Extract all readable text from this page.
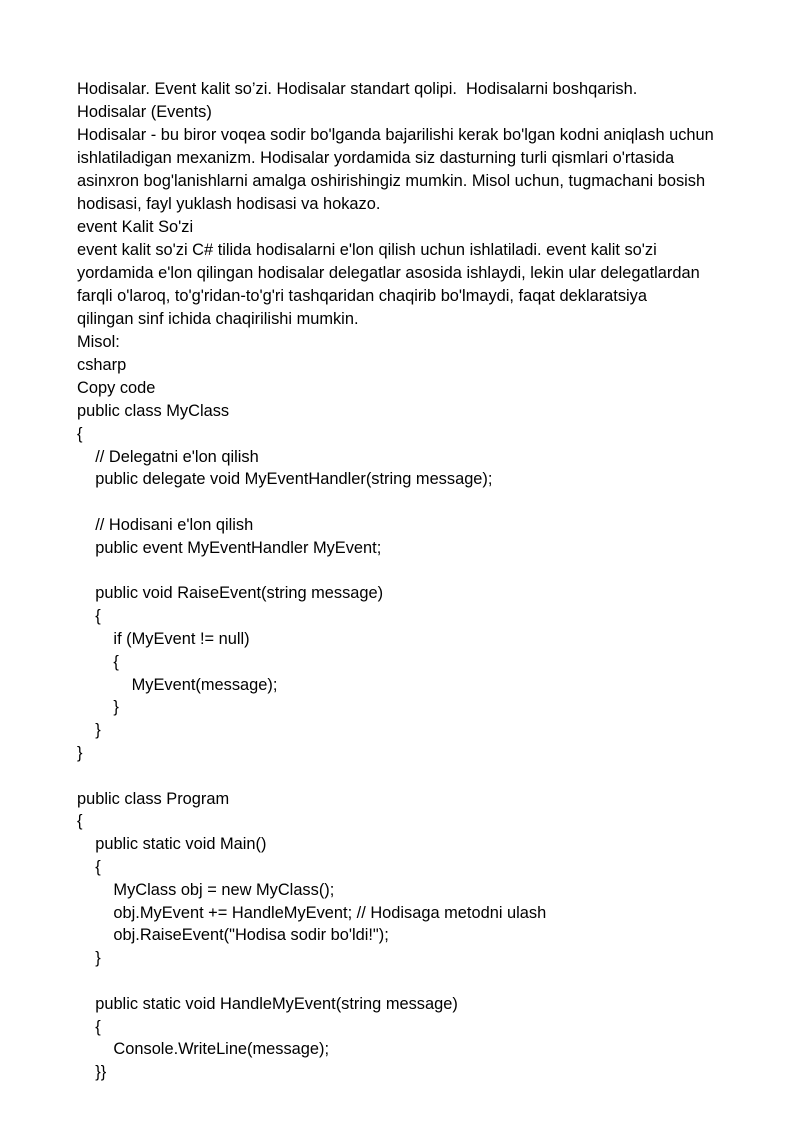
Hodisalar. Event kalit so’zi. Hodisalar standart qolipi.  Hodisalarni boshqarish.
Hodisalar (Events)
Hodisalar - bu biror voqea sodir bo'lganda bajarilishi kerak bo'lgan kodni aniqlash uchun
ishlatiladigan mexanizm. Hodisalar yordamida siz dasturning turli qismlari o'rtasida
asinxron bog'lanishlarni amalga oshirishingiz mumkin. Misol uchun, tugmachani bosish
hodisasi, fayl yuklash hodisasi va hokazo.
event Kalit So'zi
event kalit so'zi C# tilida hodisalarni e'lon qilish uchun ishlatiladi. event kalit so'zi
yordamida e'lon qilingan hodisalar delegatlar asosida ishlaydi, lekin ular delegatlardan
farqli o'laroq, to'g'ridan-to'g'ri tashqaridan chaqirib bo'lmaydi, faqat deklaratsiya
qilingan sinf ichida chaqirilishi mumkin.
Misol:
csharp
Copy code
public class MyClass
{
// Delegatni e'lon qilish
public delegate void MyEventHandler(string message);

// Hodisani e'lon qilish
public event MyEventHandler MyEvent;

public void RaiseEvent(string message)
{
if (MyEvent != null)
{
MyEvent(message);
}
}
}

public class Program
{
public static void Main()
{
MyClass obj = new MyClass();
obj.MyEvent += HandleMyEvent; // Hodisaga metodni ulash
obj.RaiseEvent("Hodisa sodir bo'ldi!");
}

public static void HandleMyEvent(string message)
{
Console.WriteLine(message);
}}
